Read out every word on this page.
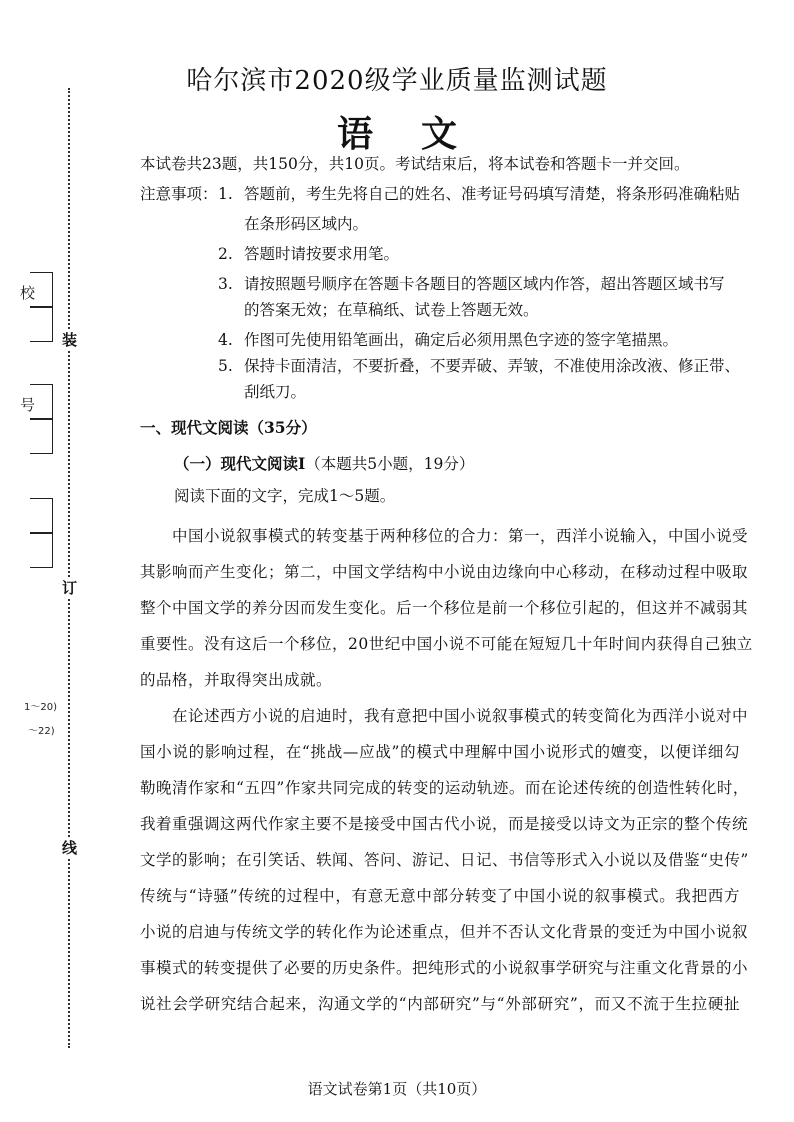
装
订
线
校
号
1～20)
～22)
哈尔滨市2020级学业质量监测试题
语文
本试卷共23题，共150分，共10页。考试结束后，将本试卷和答题卡一并交回。
注意事项： 1. 答题前，考生先将自己的姓名、准考证号码填写清楚，将条形码准确粘贴
在条形码区域内。
2. 答题时请按要求用笔。
3. 请按照题号顺序在答题卡各题目的答题区域内作答，超出答题区域书写
的答案无效；在草稿纸、试卷上答题无效。
4. 作图可先使用铅笔画出，确定后必须用黑色字迹的签字笔描黑。
5. 保持卡面清洁，不要折叠，不要弄破、弄皱，不准使用涂改液、修正带、
刮纸刀。
一、现代文阅读（35分）
（一）现代文阅读Ⅰ（本题共5小题，19分）
阅读下面的文字，完成1～5题。
中国小说叙事模式的转变基于两种移位的合力：第一，西洋小说输入，中国小说受
其影响而产生变化；第二，中国文学结构中小说由边缘向中心移动，在移动过程中吸取
整个中国文学的养分因而发生变化。后一个移位是前一个移位引起的，但这并不减弱其
重要性。没有这后一个移位，20世纪中国小说不可能在短短几十年时间内获得自己独立
的品格，并取得突出成就。
在论述西方小说的启迪时，我有意把中国小说叙事模式的转变简化为西洋小说对中
国小说的影响过程，在“挑战—应战”的模式中理解中国小说形式的嬗变，以便详细勾
勒晚清作家和“五四”作家共同完成的转变的运动轨迹。而在论述传统的创造性转化时，
我着重强调这两代作家主要不是接受中国古代小说，而是接受以诗文为正宗的整个传统
文学的影响；在引笑话、轶闻、答问、游记、日记、书信等形式入小说以及借鉴“史传”
传统与“诗骚”传统的过程中，有意无意中部分转变了中国小说的叙事模式。我把西方
小说的启迪与传统文学的转化作为论述重点，但并不否认文化背景的变迁为中国小说叙
事模式的转变提供了必要的历史条件。把纯形式的小说叙事学研究与注重文化背景的小
说社会学研究结合起来，沟通文学的“内部研究”与“外部研究”，而又不流于生拉硬扯
语文试卷第1页（共10页）
